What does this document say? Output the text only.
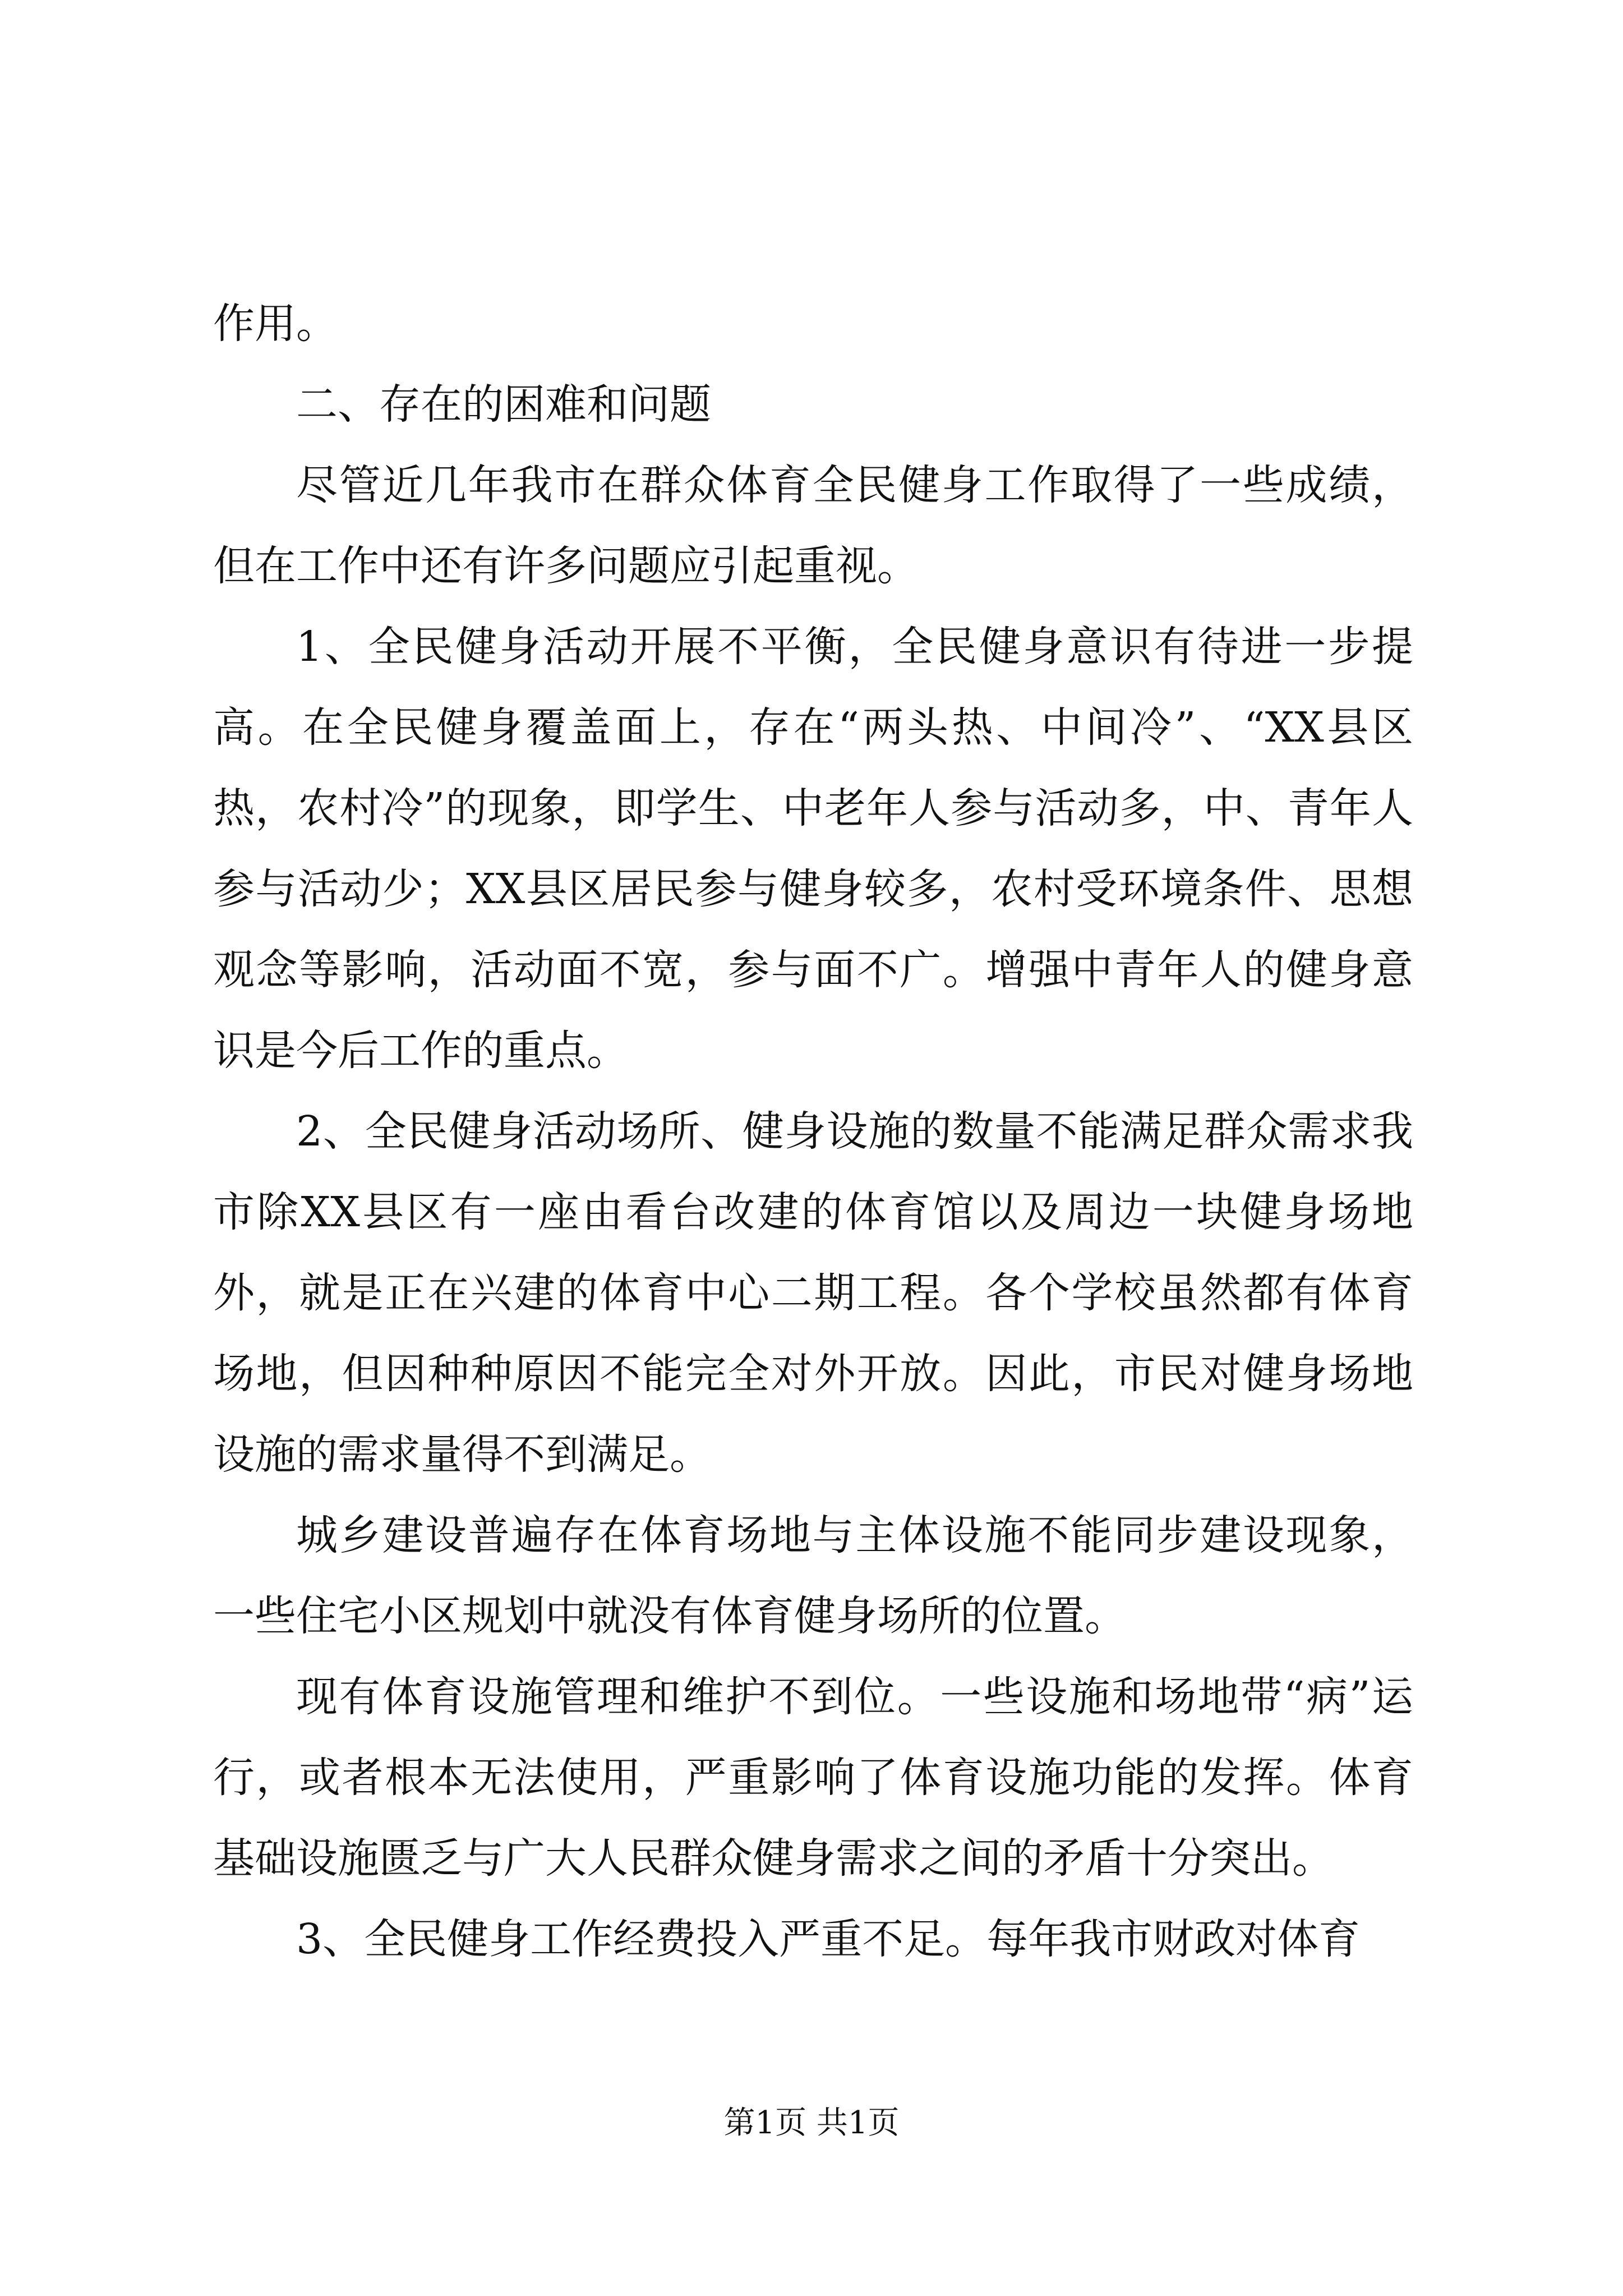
作用。

二、存在的困难和问题

尽管近几年我市在群众体育全民健身工作取得了一些成绩，但在工作中还有许多问题应引起重视。

1、全民健身活动开展不平衡，全民健身意识有待进一步提高。在全民健身覆盖面上，存在“两头热、中间冷”、“XX县区热，农村冷”的现象，即学生、中老年人参与活动多，中、青年人参与活动少；XX县区居民参与健身较多，农村受环境条件、思想观念等影响，活动面不宽，参与面不广。增强中青年人的健身意识是今后工作的重点。

2、全民健身活动场所、健身设施的数量不能满足群众需求我市除XX县区有一座由看台改建的体育馆以及周边一块健身场地外，就是正在兴建的体育中心二期工程。各个学校虽然都有体育场地，但因种种原因不能完全对外开放。因此，市民对健身场地设施的需求量得不到满足。

城乡建设普遍存在体育场地与主体设施不能同步建设现象，一些住宅小区规划中就没有体育健身场所的位置。

现有体育设施管理和维护不到位。一些设施和场地带“病”运行，或者根本无法使用，严重影响了体育设施功能的发挥。体育基础设施匮乏与广大人民群众健身需求之间的矛盾十分突出。

3、全民健身工作经费投入严重不足。每年我市财政对体育

第1页 共1页
